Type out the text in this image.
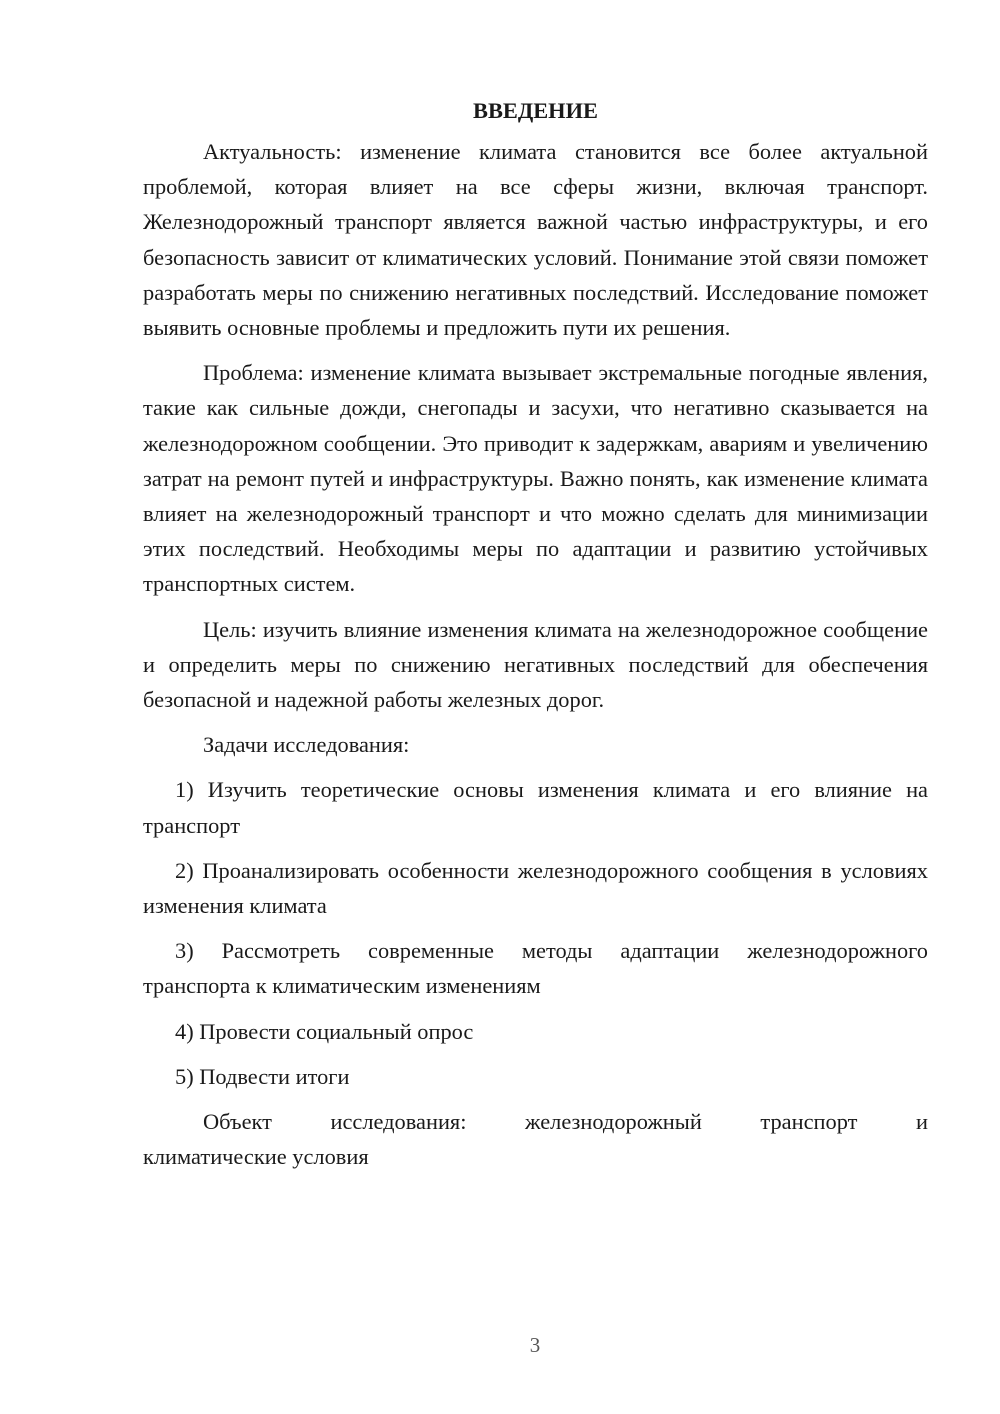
ВВЕДЕНИЕ

Актуальность: изменение климата становится все более актуальной проблемой, которая влияет на все сферы жизни, включая транспорт. Железнодорожный транспорт является важной частью инфраструктуры, и его безопасность зависит от климатических условий. Понимание этой связи поможет разработать меры по снижению негативных последствий. Исследование поможет выявить основные проблемы и предложить пути их решения.

Проблема: изменение климата вызывает экстремальные погодные явления, такие как сильные дожди, снегопады и засухи, что негативно сказывается на железнодорожном сообщении. Это приводит к задержкам, авариям и увеличению затрат на ремонт путей и инфраструктуры. Важно понять, как изменение климата влияет на железнодорожный транспорт и что можно сделать для минимизации этих последствий. Необходимы меры по адаптации и развитию устойчивых транспортных систем.

Цель: изучить влияние изменения климата на железнодорожное сообщение и определить меры по снижению негативных последствий для обеспечения безопасной и надежной работы железных дорог.

Задачи исследования:

1) Изучить теоретические основы изменения климата и его влияние на транспорт

2) Проанализировать особенности железнодорожного сообщения в условиях изменения климата

3) Рассмотреть современные методы адаптации железнодорожного транспорта к климатическим изменениям

4) Провести социальный опрос

5) Подвести итоги

Объект	исследования:	железнодорожный	транспорт	и
климатические условия
3
